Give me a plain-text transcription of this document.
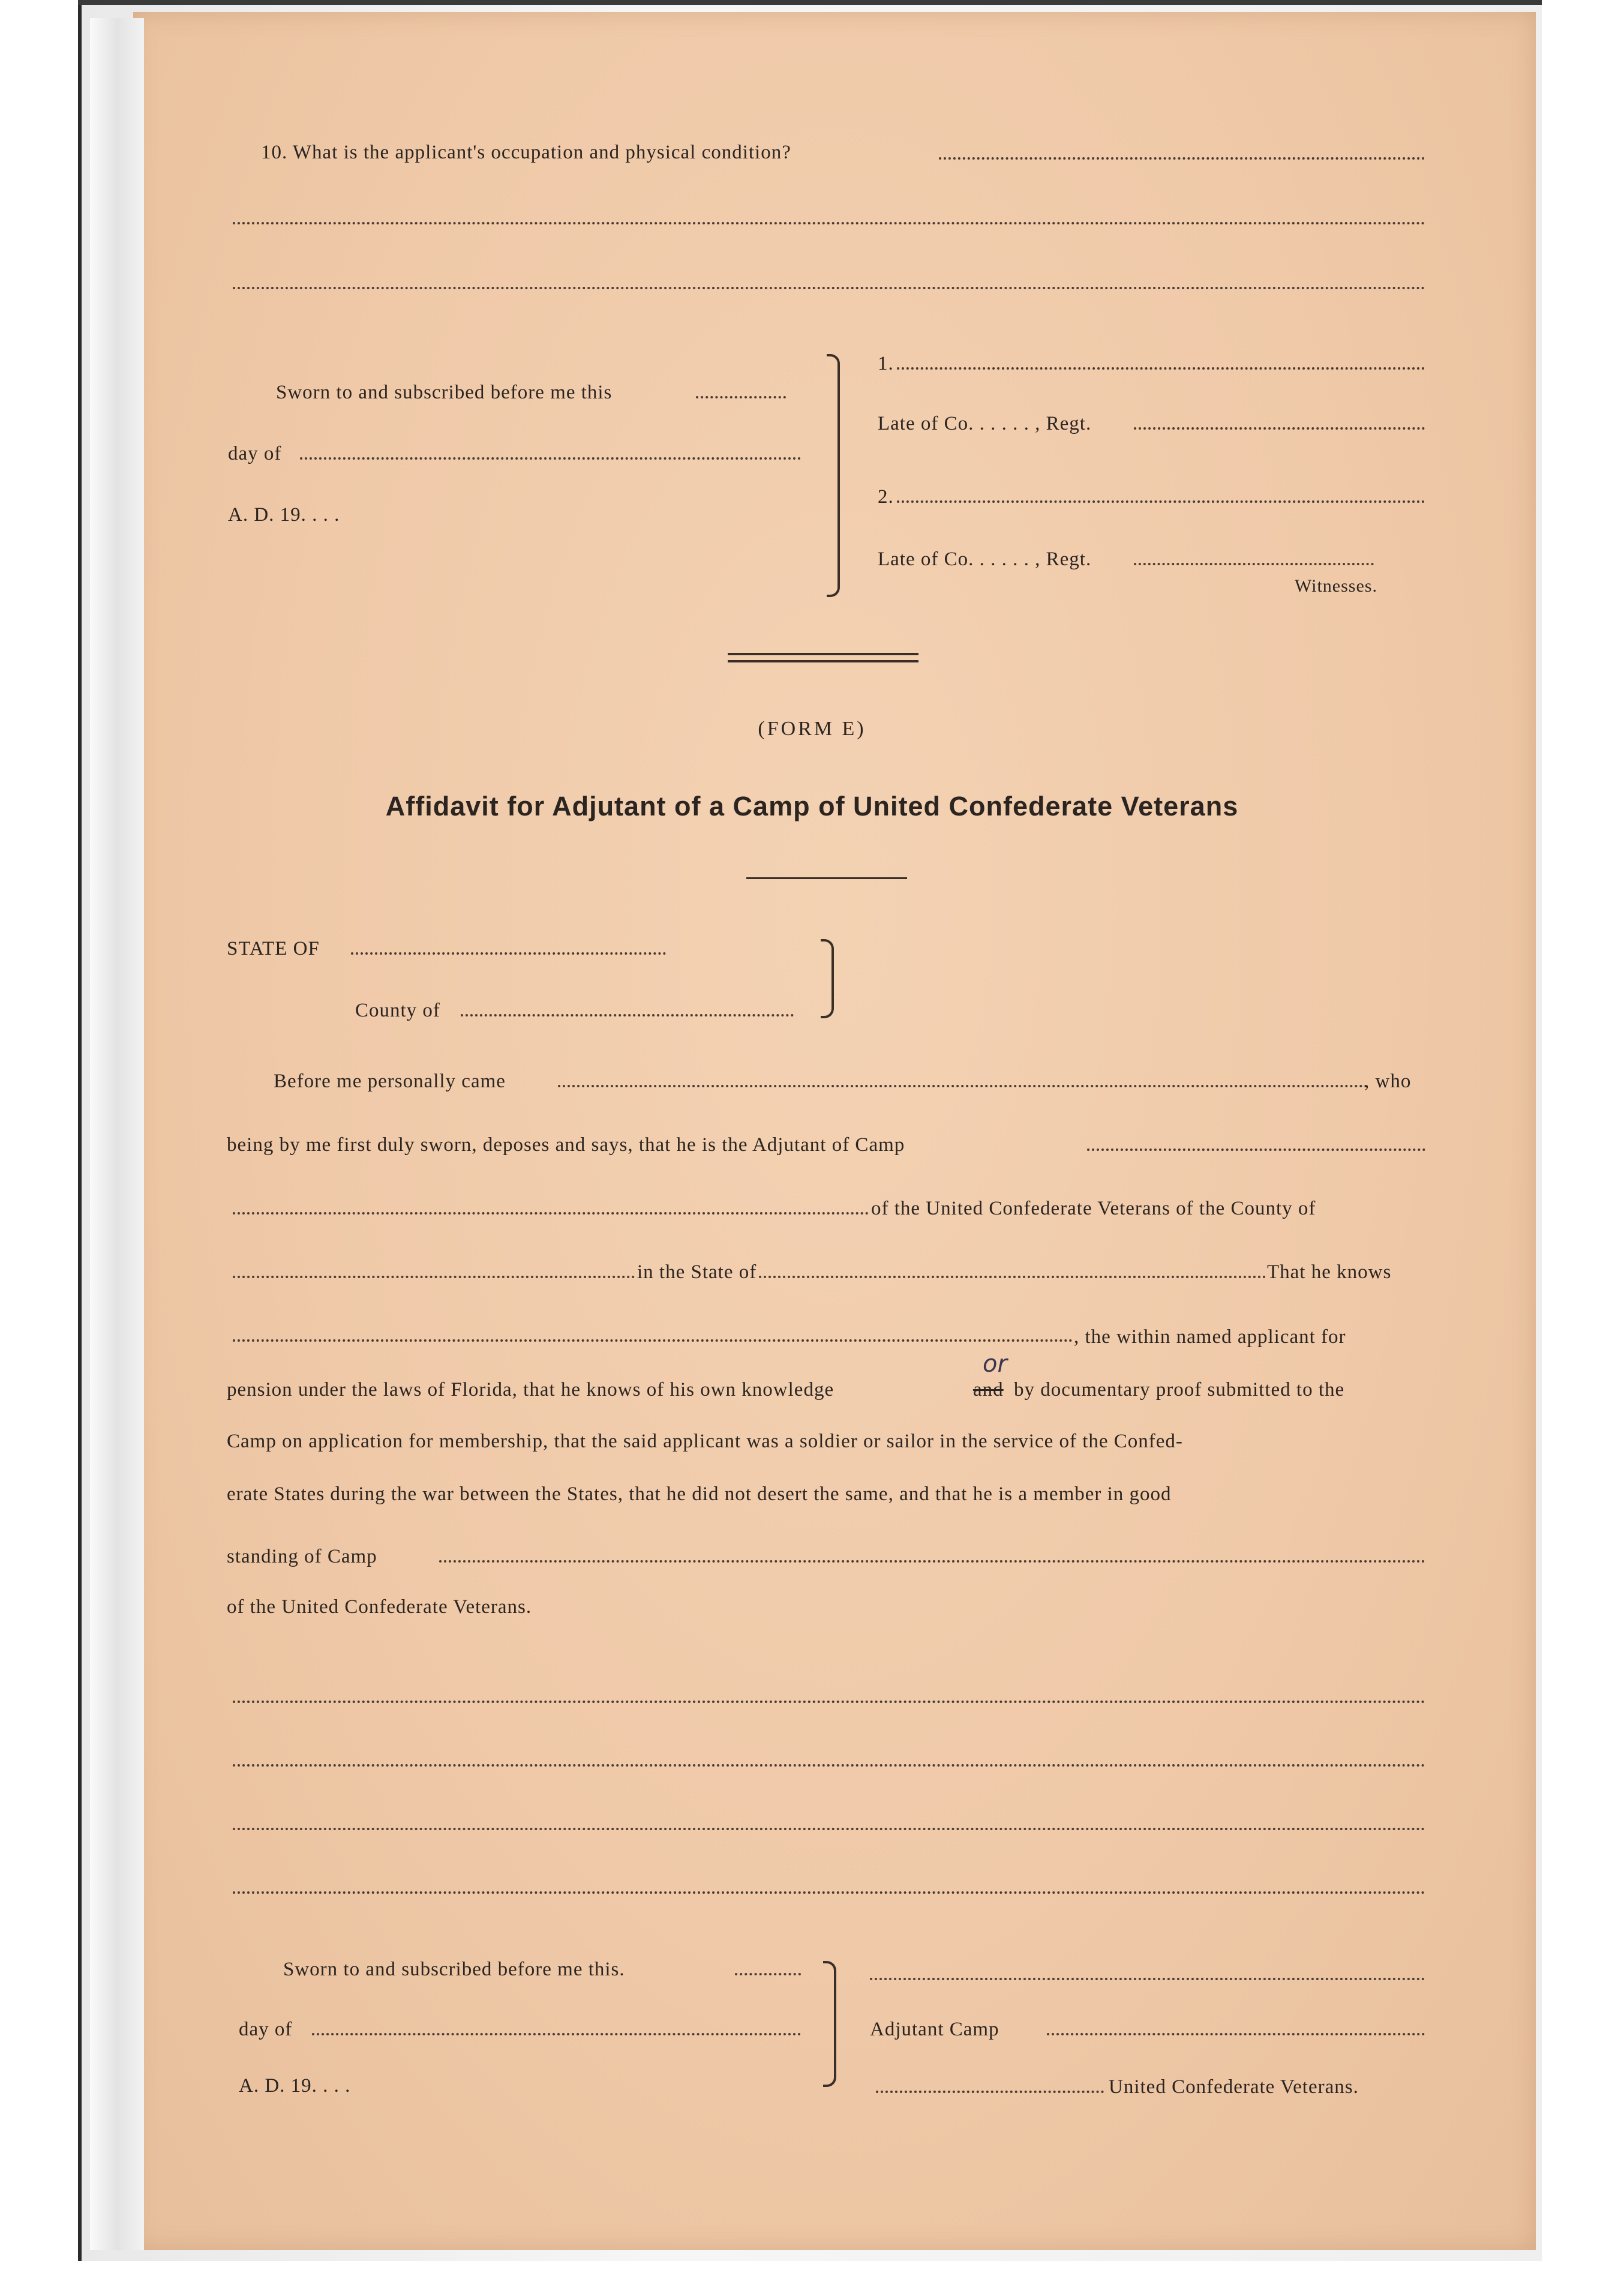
10. What is the applicant's occupation and physical condition?
Sworn to and subscribed before me this
day of
A. D. 19. . . .
1.
Late of Co. . . . . . , Regt.
2.
Late of Co. . . . . . , Regt.
Witnesses.
(FORM E)
Affidavit for Adjutant of a Camp of United Confederate Veterans
STATE OF
County of
Before me personally came	, who
being by me first duly sworn, deposes and says, that he is the Adjutant of Camp
of the United Confederate Veterans of the County of
in the State of	That he knows
, the within named applicant for
pension under the laws of Florida, that he knows of his own knowledge	and
or
by documentary proof submitted to the
Camp on application for membership, that the said applicant was a soldier or sailor in the service of the Confed-
erate States during the war between the States, that he did not desert the same, and that he is a member in good
standing of Camp
of the United Confederate Veterans.
Sworn to and subscribed before me this.
day of
A. D. 19. . . .
Adjutant Camp
United Confederate Veterans.
